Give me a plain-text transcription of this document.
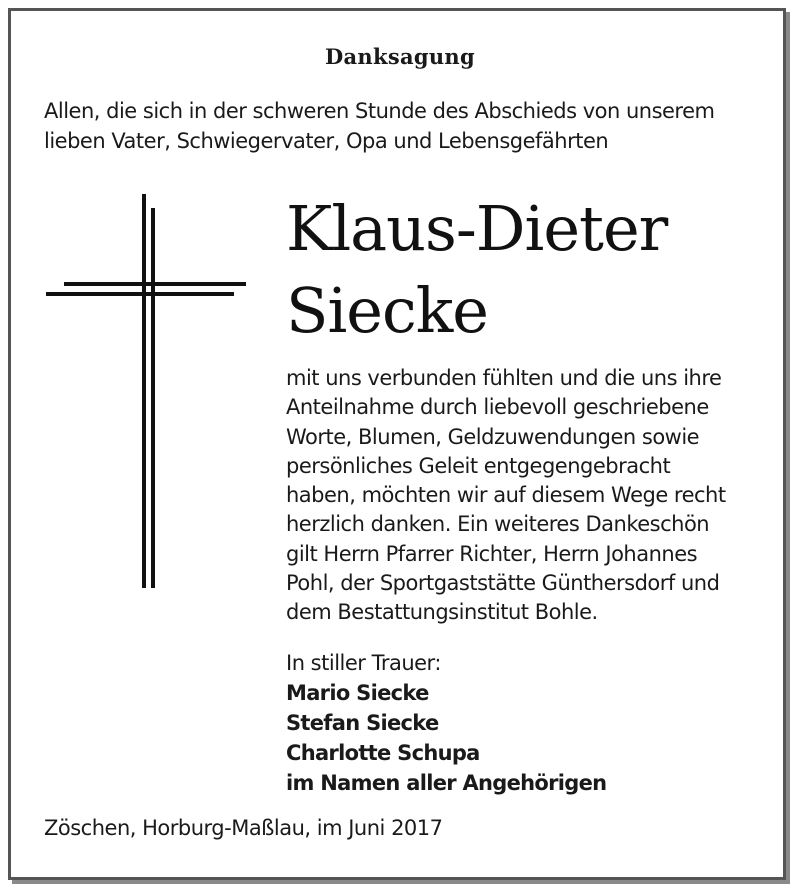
Danksagung
Allen, die sich in der schweren Stunde des Abschieds von unserem
lieben Vater, Schwiegervater, Opa und Lebensgefährten
Klaus-Dieter
Siecke
mit uns verbunden fühlten und die uns ihre
Anteilnahme durch liebevoll geschriebene
Worte, Blumen, Geldzuwendungen sowie
persönliches Geleit entgegengebracht
haben, möchten wir auf diesem Wege recht
herzlich danken. Ein weiteres Dankeschön
gilt Herrn Pfarrer Richter, Herrn Johannes
Pohl, der Sportgaststätte Günthersdorf und
dem Bestattungsinstitut Bohle.
In stiller Trauer:
Mario Siecke
Stefan Siecke
Charlotte Schupa
im Namen aller Angehörigen
Zöschen, Horburg-Maßlau, im Juni 2017
